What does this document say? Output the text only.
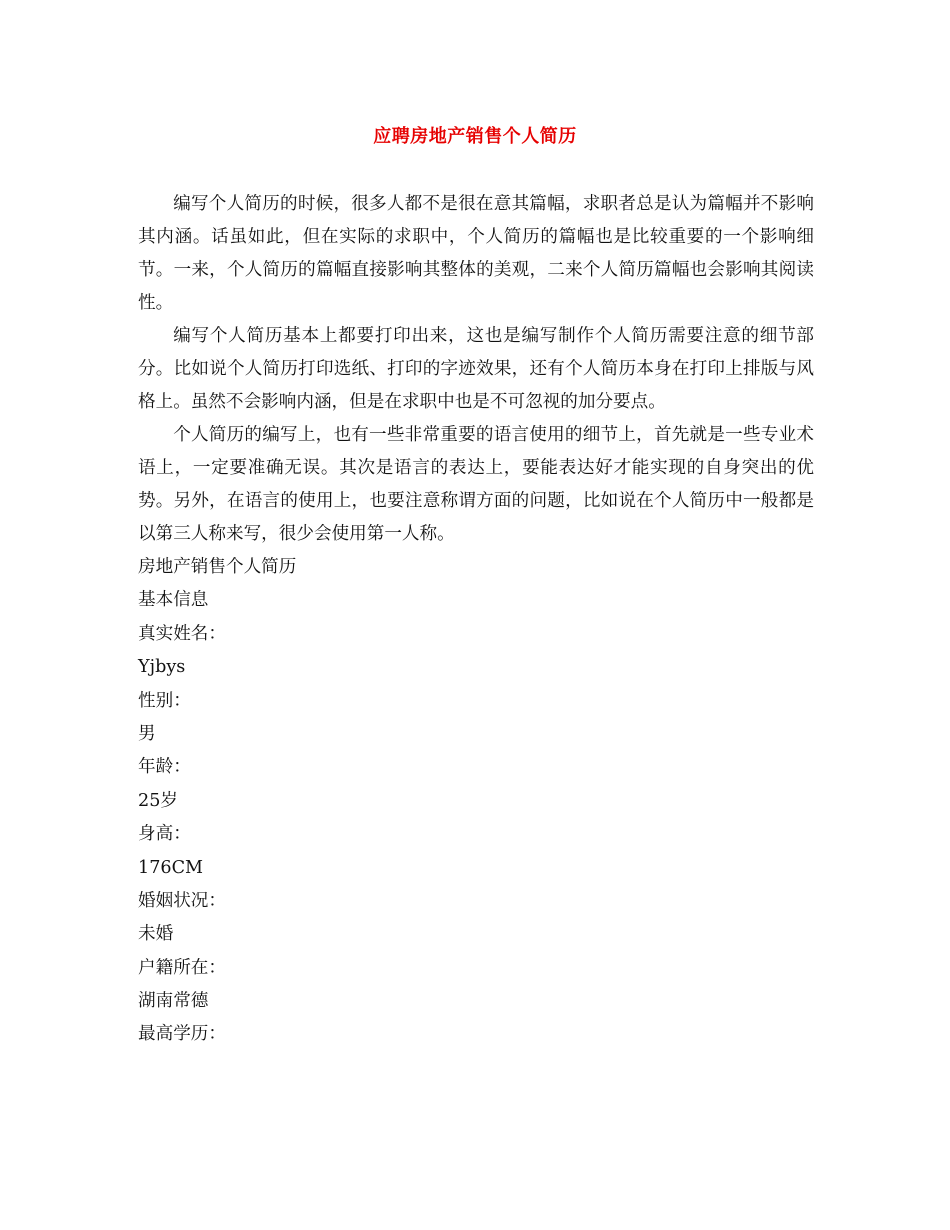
应聘房地产销售个人简历

编写个人简历的时候，很多人都不是很在意其篇幅，求职者总是认为篇幅并不影响其内涵。话虽如此，但在实际的求职中，个人简历的篇幅也是比较重要的一个影响细节。一来，个人简历的篇幅直接影响其整体的美观，二来个人简历篇幅也会影响其阅读性。

编写个人简历基本上都要打印出来，这也是编写制作个人简历需要注意的细节部分。比如说个人简历打印选纸、打印的字迹效果，还有个人简历本身在打印上排版与风格上。虽然不会影响内涵，但是在求职中也是不可忽视的加分要点。

个人简历的编写上，也有一些非常重要的语言使用的细节上，首先就是一些专业术语上，一定要准确无误。其次是语言的表达上，要能表达好才能实现的自身突出的优势。另外，在语言的使用上，也要注意称谓方面的问题，比如说在个人简历中一般都是以第三人称来写，很少会使用第一人称。

房地产销售个人简历

基本信息

真实姓名：

Yjbys

性别：

男

年龄：

25岁

身高：

176CM

婚姻状况：

未婚

户籍所在：

湖南常德

最高学历：
